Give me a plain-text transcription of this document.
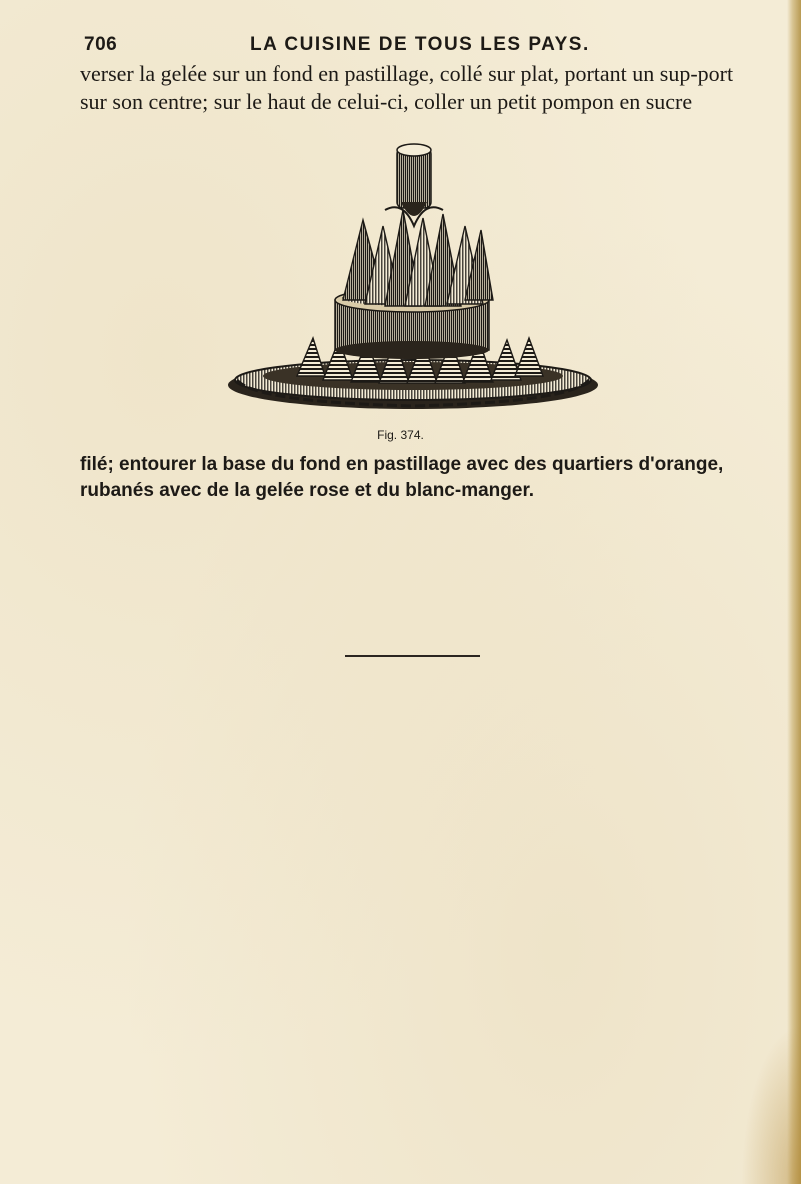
706	LA CUISINE DE TOUS LES PAYS.

verser la gelée sur un fond en pastillage, collé sur plat, portant un sup-port sur son centre; sur le haut de celui-ci, coller un petit pompon en sucre

Fig. 374.

filé; entourer la base du fond en pastillage avec des quartiers d'orange, rubanés avec de la gelée rose et du blanc-manger.
